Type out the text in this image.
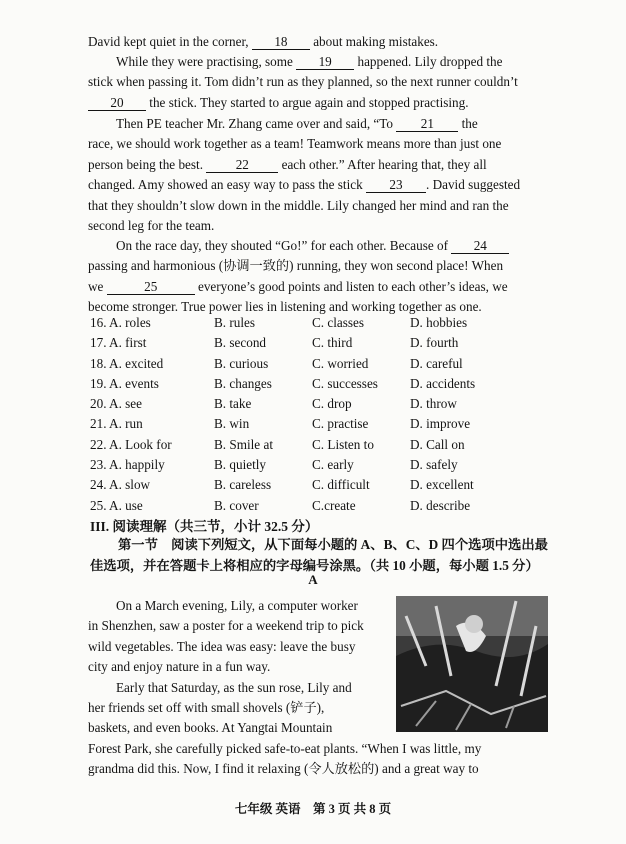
David kept quiet in the corner, 18 about making mistakes.

While they were practising, some 19 happened. Lily dropped the
stick when passing it. Tom didn’t run as they planned, so the next runner couldn’t
20 the stick. They started to argue again and stopped practising.

Then PE teacher Mr. Zhang came over and said, “To 21 the
race, we should work together as a team! Teamwork means more than just one
person being the best. 22 each other.” After hearing that, they all
changed. Amy showed an easy way to pass the stick 23 . David suggested
that they shouldn’t slow down in the middle. Lily changed her mind and ran the
second leg for the team.

On the race day, they shouted “Go!” for each other. Because of 24
passing and harmonious (协调一致的) running, they won second place! When
we	25	everyone’s good points and listen to each other’s ideas, we
become stronger. True power lies in listening and working together as one.

16. A. roles	B. rules	C. classes	D. hobbies
17. A. first	B. second	C. third	D. fourth
18. A. excited	B. curious	C. worried	D. careful
19. A. events	B. changes	C. successes D. accidents
20. A. see	B. take	C. drop	D. throw
21. A. run	B. win	C. practise	D. improve
22. A. Look for	B. Smile at	C. Listen to	D. Call on
23. A. happily	B. quietly	C. early	D. safely
24. A. slow	B. careless	C. difficult	D. excellent
25. A. use	B. cover	C.create	D. describe
III. 阅读理解（共三节，小计 32.5 分）
第一节　阅读下列短文，从下面每小题的 A、B、C、D 四个选项中选出最
佳选项，并在答题卡上将相应的字母编号涂黑。（共 10 小题，每小题 1.5 分）
A

On a March evening, Lily, a computer worker
in Shenzhen, saw a poster for a weekend trip to pick
wild vegetables. The idea was easy: leave the busy
city and enjoy nature in a fun way.
Early that Saturday, as the sun rose, Lily and
her friends set off with small shovels (铲子),
baskets, and even books. At Yangtai Mountain
Forest Park, she carefully picked safe-to-eat plants. “When I was little, my
grandma did this. Now, I find it relaxing (令人放松的) and a great way to

七年级 英语　第 3 页 共 8 页
